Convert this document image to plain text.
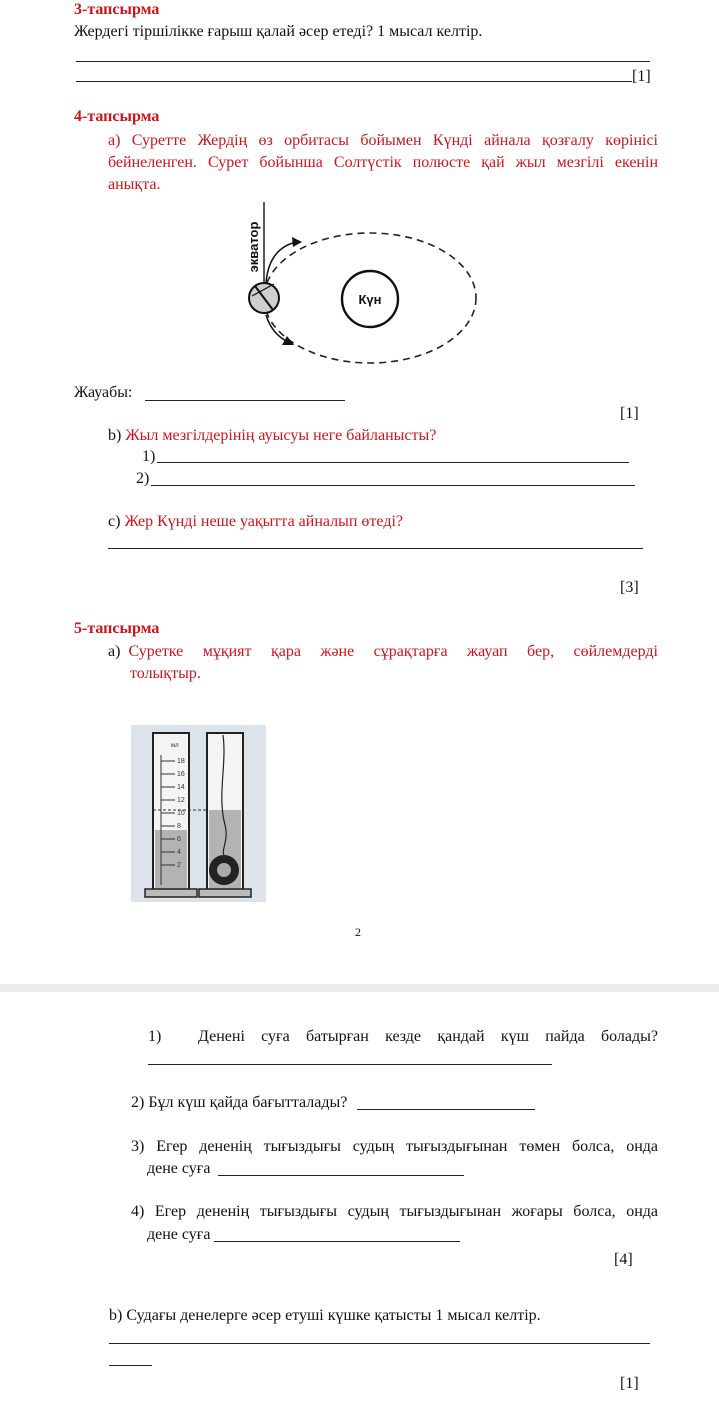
3-тапсырма
Жердегі тіршілікке ғарыш қалай әсер етеді? 1 мысал келтір.
[1]
4-тапсырма
а) Суретте Жердің өз орбитасы бойымен Күнді айнала қозғалу көрінісі
бейнеленген. Сурет бойынша Солтүстік полюсте қай жыл мезгілі екенін
анықта.
Күн
экватор
Жауабы:
[1]
b) Жыл мезгілдерінің ауысуы неге байланысты?
1)
2)
c) Жер Күнді неше уақытта айналып өтеді?
[3]
5-тапсырма
а) Суретке мұқият қара және сұрақтарға жауап бер, сөйлемдерді
толықтыр.
мл
18
16
14
12
10
8
6
4
2
2
1)	Денені суға батырған кезде қандай күш пайда болады?
2) Бұл күш қайда бағытталады?
3) Егер дененің тығыздығы судың тығыздығынан төмен болса, онда
дене суға
4) Егер дененің тығыздығы судың тығыздығынан жоғары болса, онда
дене суға
[4]
b) Судағы денелерге әсер етуші күшке қатысты 1 мысал келтір.
[1]
